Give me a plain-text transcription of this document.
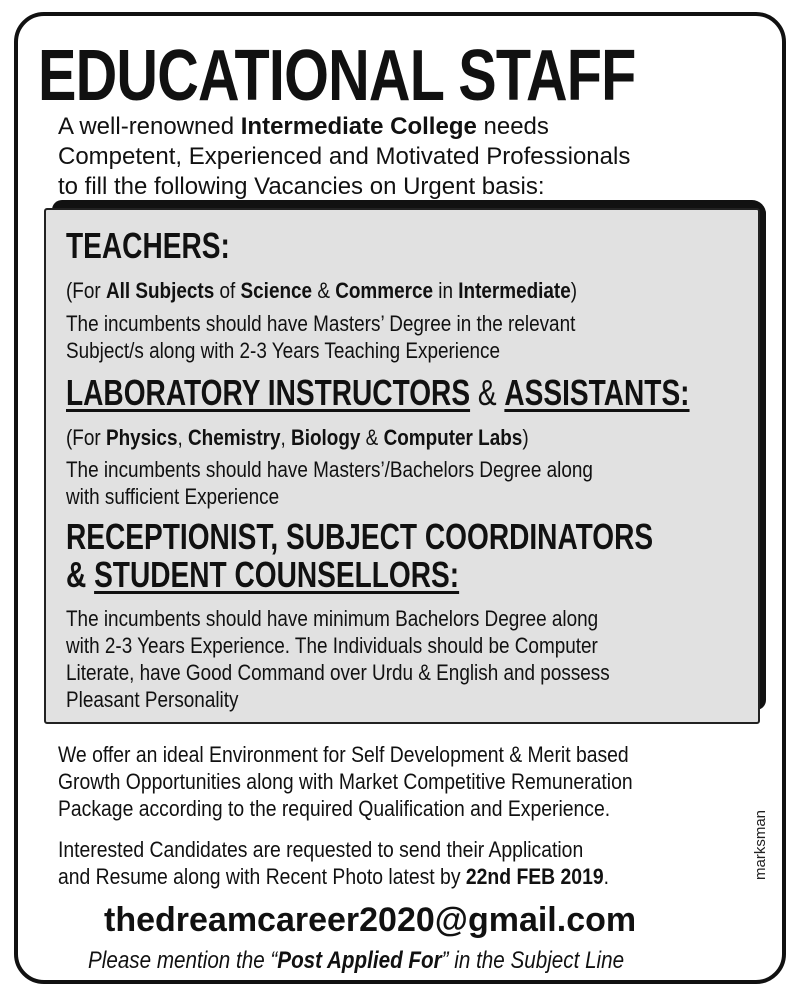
EDUCATIONAL STAFF

A well-renowned Intermediate College needs

Competent, Experienced and Motivated Professionals

to fill the following Vacancies on Urgent basis:

TEACHERS:

(For All Subjects of Science & Commerce in Intermediate)

The incumbents should have Masters’ Degree in the relevant

Subject/s along with 2-3 Years Teaching Experience

LABORATORY INSTRUCTORS & ASSISTANTS:

(For Physics, Chemistry, Biology & Computer Labs)

The incumbents should have Masters’/Bachelors Degree along

with sufficient Experience

RECEPTIONIST, SUBJECT COORDINATORS
& STUDENT COUNSELLORS:

The incumbents should have minimum Bachelors Degree along

with 2-3 Years Experience. The Individuals should be Computer

Literate, have Good Command over Urdu & English and possess

Pleasant Personality

We offer an ideal Environment for Self Development & Merit based

Growth Opportunities along with Market Competitive Remuneration

Package according to the required Qualification and Experience.

Interested Candidates are requested to send their Application

and Resume along with Recent Photo latest by 22nd FEB 2019.

thedreamcareer2020@gmail.com

Please mention the “Post Applied For” in the Subject Line

marksman
